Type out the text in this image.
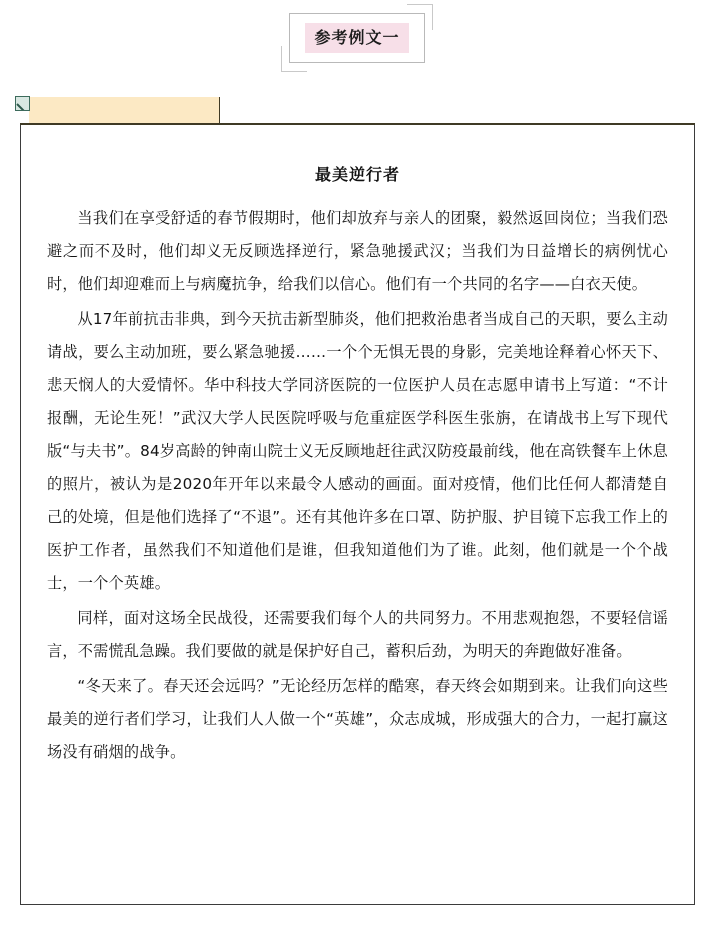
参考例文一
最美逆行者

当我们在享受舒适的春节假期时，他们却放弃与亲人的团聚，毅然返回岗位；当我们恐避之而不及时，他们却义无反顾选择逆行，紧急驰援武汉；当我们为日益增长的病例忧心时，他们却迎难而上与病魔抗争，给我们以信心。他们有一个共同的名字——白衣天使。

从17年前抗击非典，到今天抗击新型肺炎，他们把救治患者当成自己的天职，要么主动请战，要么主动加班，要么紧急驰援……一个个无惧无畏的身影，完美地诠释着心怀天下、悲天悯人的大爱情怀。华中科技大学同济医院的一位医护人员在志愿申请书上写道：“不计报酬，无论生死！”武汉大学人民医院呼吸与危重症医学科医生张旃，在请战书上写下现代版“与夫书”。84岁高龄的钟南山院士义无反顾地赶往武汉防疫最前线，他在高铁餐车上休息的照片，被认为是2020年开年以来最令人感动的画面。面对疫情，他们比任何人都清楚自己的处境，但是他们选择了“不退”。还有其他许多在口罩、防护服、护目镜下忘我工作上的医护工作者，虽然我们不知道他们是谁，但我知道他们为了谁。此刻，他们就是一个个战士，一个个英雄。

同样，面对这场全民战役，还需要我们每个人的共同努力。不用悲观抱怨，不要轻信谣言，不需慌乱急躁。我们要做的就是保护好自己，蓄积后劲，为明天的奔跑做好准备。

“冬天来了。春天还会远吗？”无论经历怎样的酷寒，春天终会如期到来。让我们向这些最美的逆行者们学习，让我们人人做一个“英雄”，众志成城，形成强大的合力，一起打赢这场没有硝烟的战争。
